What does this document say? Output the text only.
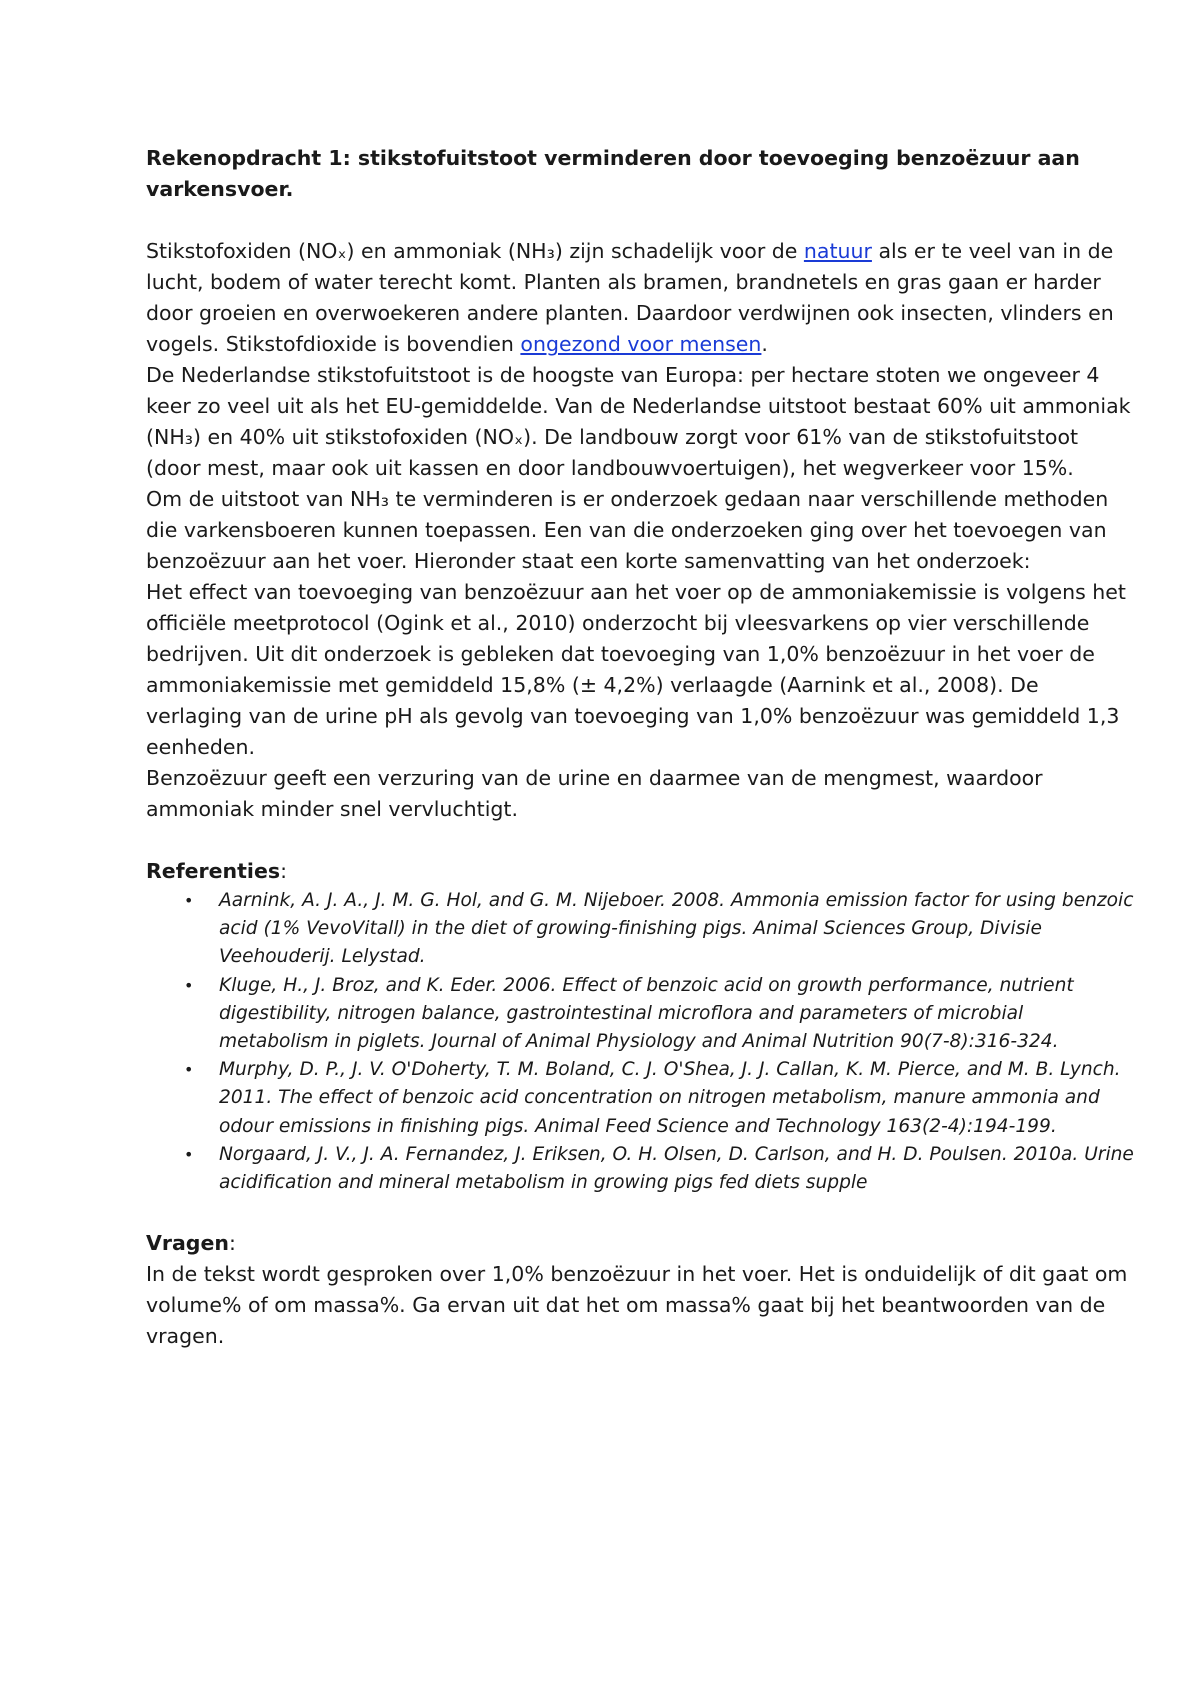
Rekenopdracht 1: stikstofuitstoot verminderen door toevoeging benzoëzuur aan varkensvoer.

Stikstofoxiden (NOₓ) en ammoniak (NH₃) zijn schadelijk voor de natuur als er te veel van in de lucht, bodem of water terecht komt. Planten als bramen, brandnetels en gras gaan er harder door groeien en overwoekeren andere planten. Daardoor verdwijnen ook insecten, vlinders en vogels. Stikstofdioxide is bovendien ongezond voor mensen.

De Nederlandse stikstofuitstoot is de hoogste van Europa: per hectare stoten we ongeveer 4 keer zo veel uit als het EU-gemiddelde. Van de Nederlandse uitstoot bestaat 60% uit ammoniak (NH₃) en 40% uit stikstofoxiden (NOₓ). De landbouw zorgt voor 61% van de stikstofuitstoot (door mest, maar ook uit kassen en door landbouwvoertuigen), het wegverkeer voor 15%.

Om de uitstoot van NH₃ te verminderen is er onderzoek gedaan naar verschillende methoden die varkensboeren kunnen toepassen. Een van die onderzoeken ging over het toevoegen van benzoëzuur aan het voer. Hieronder staat een korte samenvatting van het onderzoek:

Het effect van toevoeging van benzoëzuur aan het voer op de ammoniakemissie is volgens het officiële meetprotocol (Ogink et al., 2010) onderzocht bij vleesvarkens op vier verschillende bedrijven. Uit dit onderzoek is gebleken dat toevoeging van 1,0% benzoëzuur in het voer de ammoniakemissie met gemiddeld 15,8% (± 4,2%) verlaagde (Aarnink et al., 2008). De verlaging van de urine pH als gevolg van toevoeging van 1,0% benzoëzuur was gemiddeld 1,3 eenheden.

Benzoëzuur geeft een verzuring van de urine en daarmee van de mengmest, waardoor ammoniak minder snel vervluchtigt.

Referenties:
• Aarnink, A. J. A., J. M. G. Hol, and G. M. Nijeboer. 2008. Ammonia emission factor for using benzoic acid (1% VevoVitall) in the diet of growing-finishing pigs. Animal Sciences Group, Divisie Veehouderij. Lelystad.
• Kluge, H., J. Broz, and K. Eder. 2006. Effect of benzoic acid on growth performance, nutrient digestibility, nitrogen balance, gastrointestinal microflora and parameters of microbial metabolism in piglets. Journal of Animal Physiology and Animal Nutrition 90(7-8):316-324.
• Murphy, D. P., J. V. O'Doherty, T. M. Boland, C. J. O'Shea, J. J. Callan, K. M. Pierce, and M. B. Lynch. 2011. The effect of benzoic acid concentration on nitrogen metabolism, manure ammonia and odour emissions in finishing pigs. Animal Feed Science and Technology 163(2-4):194-199.
• Norgaard, J. V., J. A. Fernandez, J. Eriksen, O. H. Olsen, D. Carlson, and H. D. Poulsen. 2010a. Urine acidification and mineral metabolism in growing pigs fed diets supple
Vragen:

In de tekst wordt gesproken over 1,0% benzoëzuur in het voer. Het is onduidelijk of dit gaat om volume% of om massa%. Ga ervan uit dat het om massa% gaat bij het beantwoorden van de vragen.
